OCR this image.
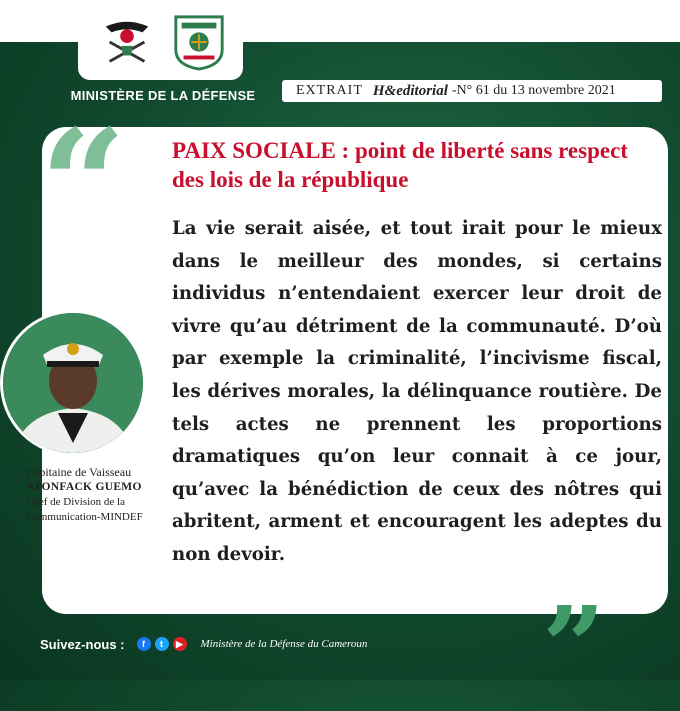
MINISTÈRE DE LA DÉFENSE	EXTRAIT H&editorial -N° 61 du 13 novembre 2021
“ PAIX SOCIALE : point de liberté sans respect des lois de la république
La vie serait aisée, et tout irait pour le mieux dans le meilleur des mondes, si certains individus n’entendaient exercer leur droit de vivre qu’au détriment de la communauté. D’où par exemple la criminalité, l’incivisme fiscal, les dérives morales, la délinquance routière. De tels actes ne prennent les proportions dramatiques qu’on leur connait à ce jour, qu’avec la bénédiction de ceux des nôtres qui abritent, arment et encouragent les adeptes du non devoir.
Capitaine de Vaisseau
ATONFACK GUEMO
Chef de Division de la Communication-MINDEF
”
Suivez-nous :	f	t	▶	Ministère de la Défense du Cameroun
